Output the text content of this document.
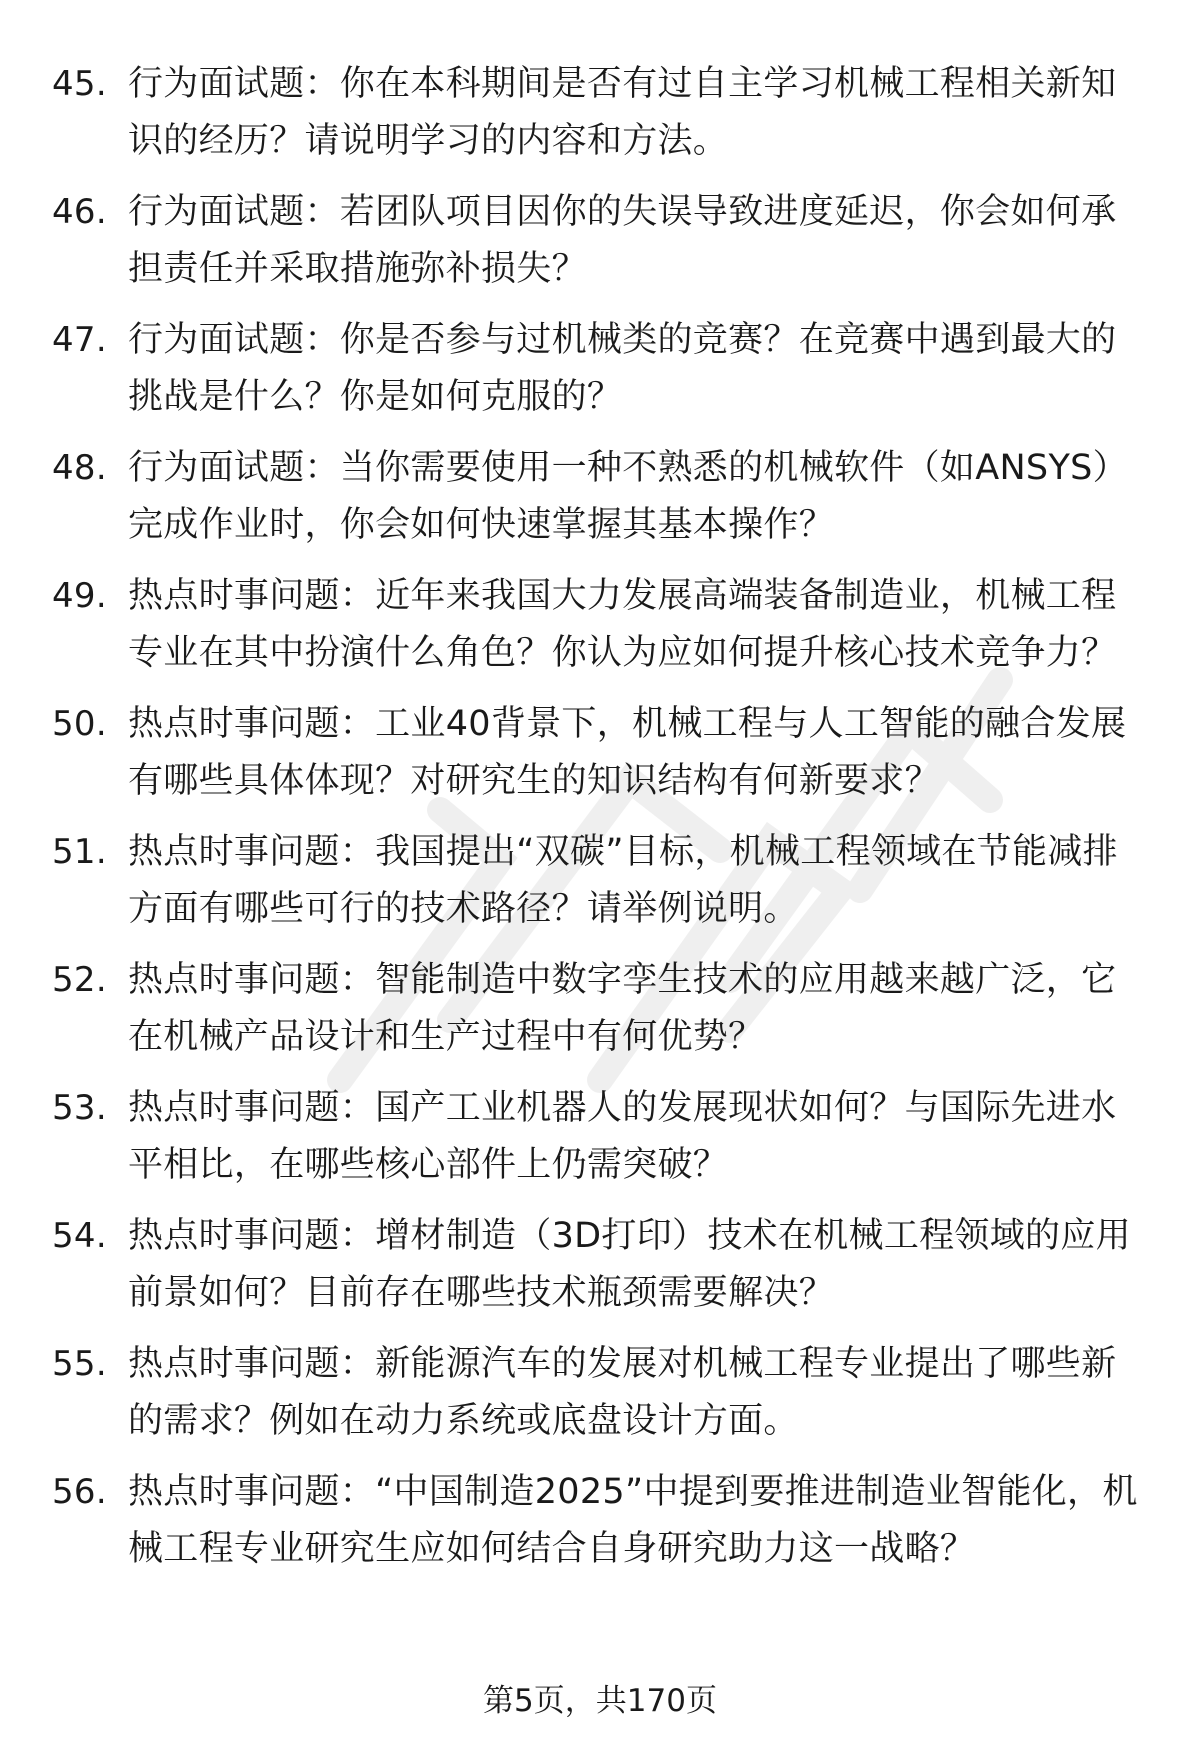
45. 行为面试题：你在本科期间是否有过自主学习机械工程相关新知识的经历？请说明学习的内容和方法。
46. 行为面试题：若团队项目因你的失误导致进度延迟，你会如何承担责任并采取措施弥补损失？
47. 行为面试题：你是否参与过机械类的竞赛？在竞赛中遇到最大的挑战是什么？你是如何克服的？
48. 行为面试题：当你需要使用一种不熟悉的机械软件（如ANSYS）完成作业时，你会如何快速掌握其基本操作？
49. 热点时事问题：近年来我国大力发展高端装备制造业，机械工程专业在其中扮演什么角色？你认为应如何提升核心技术竞争力？
50. 热点时事问题：工业40背景下，机械工程与人工智能的融合发展有哪些具体体现？对研究生的知识结构有何新要求？
51. 热点时事问题：我国提出“双碳”目标，机械工程领域在节能减排方面有哪些可行的技术路径？请举例说明。
52. 热点时事问题：智能制造中数字孪生技术的应用越来越广泛，它在机械产品设计和生产过程中有何优势？
53. 热点时事问题：国产工业机器人的发展现状如何？与国际先进水平相比，在哪些核心部件上仍需突破？
54. 热点时事问题：增材制造（3D打印）技术在机械工程领域的应用前景如何？目前存在哪些技术瓶颈需要解决？
55. 热点时事问题：新能源汽车的发展对机械工程专业提出了哪些新的需求？例如在动力系统或底盘设计方面。
56. 热点时事问题：“中国制造2025”中提到要推进制造业智能化，机械工程专业研究生应如何结合自身研究助力这一战略？
第5页，共170页
